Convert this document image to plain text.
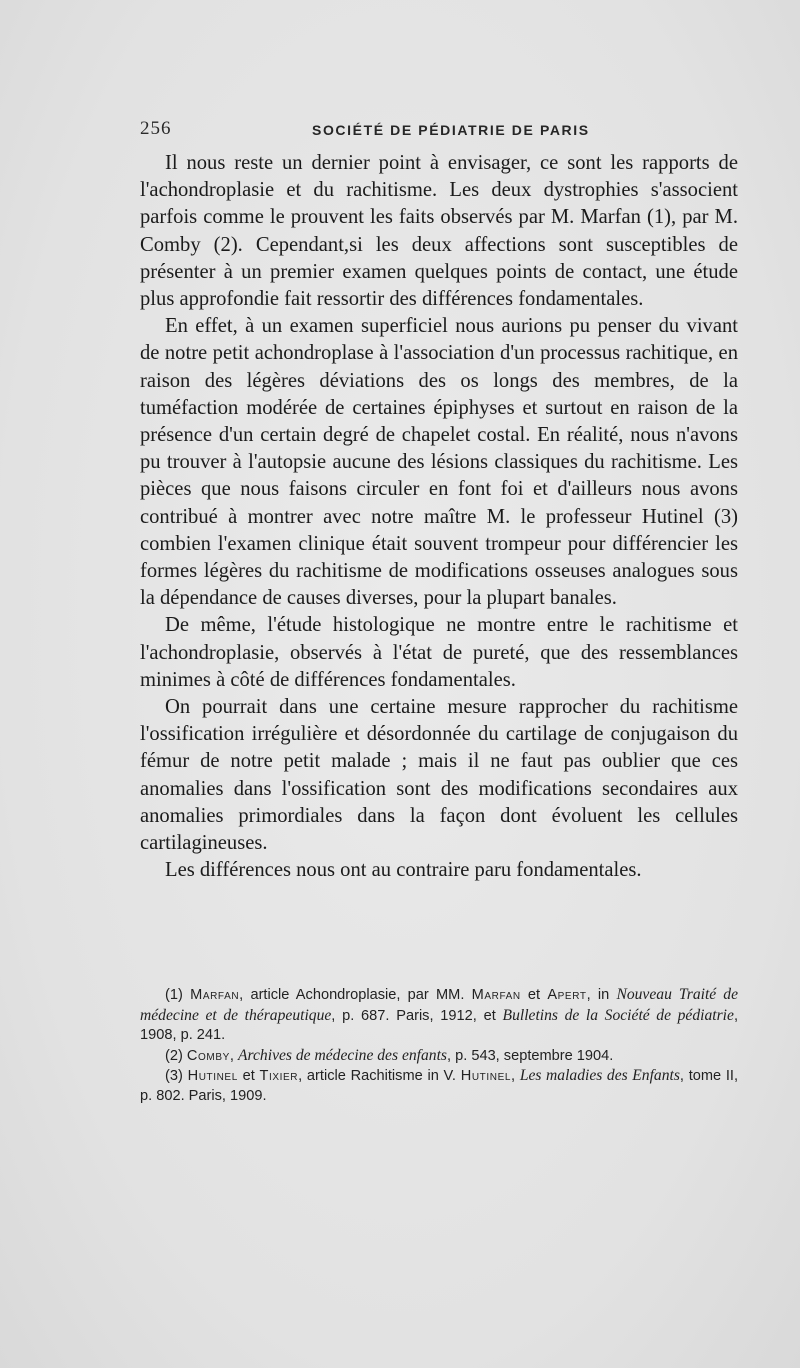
256	SOCIÉTÉ DE PÉDIATRIE DE PARIS

Il nous reste un dernier point à envisager, ce sont les rapports de l'achondroplasie et du rachitisme. Les deux dystrophies s'associent parfois comme le prouvent les faits observés par M. Marfan (1), par M. Comby (2). Cependant,si les deux affections sont susceptibles de présenter à un premier examen quelques points de contact, une étude plus approfondie fait ressortir des différences fondamentales.

En effet, à un examen superficiel nous aurions pu penser du vivant de notre petit achondroplase à l'association d'un processus rachitique, en raison des légères déviations des os longs des membres, de la tuméfaction modérée de certaines épiphyses et surtout en raison de la présence d'un certain degré de chapelet costal. En réalité, nous n'avons pu trouver à l'autopsie aucune des lésions classiques du rachitisme. Les pièces que nous faisons circuler en font foi et d'ailleurs nous avons contribué à montrer avec notre maître M. le professeur Hutinel (3) combien l'examen clinique était souvent trompeur pour différencier les formes légères du rachitisme de modifications osseuses analogues sous la dépendance de causes diverses, pour la plupart banales.

De même, l'étude histologique ne montre entre le rachitisme et l'achondroplasie, observés à l'état de pureté, que des ressemblances minimes à côté de différences fondamentales.

On pourrait dans une certaine mesure rapprocher du rachitisme l'ossification irrégulière et désordonnée du cartilage de conjugaison du fémur de notre petit malade ; mais il ne faut pas oublier que ces anomalies dans l'ossification sont des modifications secondaires aux anomalies primordiales dans la façon dont évoluent les cellules cartilagineuses.

Les différences nous ont au contraire paru fondamentales.

(1) Marfan, article Achondroplasie, par MM. Marfan et Apert, in Nouveau Traité de médecine et de thérapeutique, p. 687. Paris, 1912, et Bulletins de la Société de pédiatrie, 1908, p. 241.

(2) Comby, Archives de médecine des enfants, p. 543, septembre 1904.

(3) Hutinel et Tixier, article Rachitisme in V. Hutinel, Les maladies des Enfants, tome II, p. 802. Paris, 1909.
